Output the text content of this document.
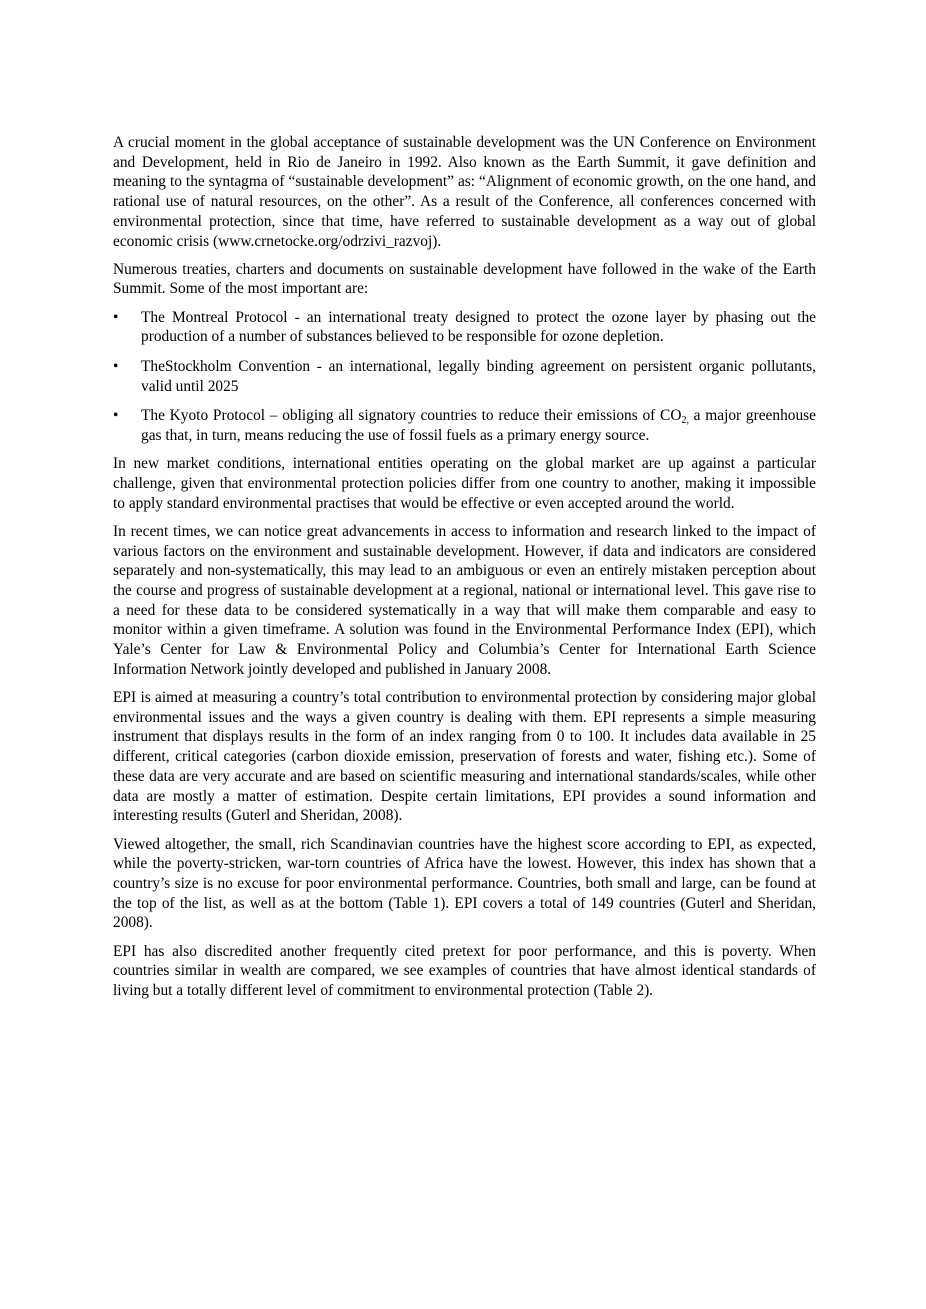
A crucial moment in the global acceptance of sustainable development was the UN Conference on Environment and Development, held in Rio de Janeiro in 1992. Also known as the Earth Summit, it gave definition and meaning to the syntagma of “sustainable development” as: “Alignment of economic growth, on the one hand, and rational use of natural resources, on the other”. As a result of the Conference, all conferences concerned with environmental protection, since that time, have referred to sustainable development as a way out of global economic crisis (www.crnetocke.org/odrzivi_razvoj).

Numerous treaties, charters and documents on sustainable development have followed in the wake of the Earth Summit. Some of the most important are:

• The Montreal Protocol - an international treaty designed to protect the ozone layer by phasing out the production of a number of substances believed to be responsible for ozone depletion.
• TheStockholm Convention - an international, legally binding agreement on persistent organic pollutants, valid until 2025
• The Kyoto Protocol – obliging all signatory countries to reduce their emissions of $CO_{2,}$ a major greenhouse gas that, in turn, means reducing the use of fossil fuels as a primary energy source.

In new market conditions, international entities operating on the global market are up against a particular challenge, given that environmental protection policies differ from one country to another, making it impossible to apply standard environmental practises that would be effective or even accepted around the world.

In recent times, we can notice great advancements in access to information and research linked to the impact of various factors on the environment and sustainable development. However, if data and indicators are considered separately and non-systematically, this may lead to an ambiguous or even an entirely mistaken perception about the course and progress of sustainable development at a regional, national or international level. This gave rise to a need for these data to be considered systematically in a way that will make them comparable and easy to monitor within a given timeframe. A solution was found in the Environmental Performance Index (EPI), which Yale’s Center for Law & Environmental Policy and Columbia’s Center for International Earth Science Information Network jointly developed and published in January 2008.

EPI is aimed at measuring a country’s total contribution to environmental protection by considering major global environmental issues and the ways a given country is dealing with them. EPI represents a simple measuring instrument that displays results in the form of an index ranging from 0 to 100. It includes data available in 25 different, critical categories (carbon dioxide emission, preservation of forests and water, fishing etc.). Some of these data are very accurate and are based on scientific measuring and international standards/scales, while other data are mostly a matter of estimation. Despite certain limitations, EPI provides a sound information and interesting results (Guterl and Sheridan, 2008).

Viewed altogether, the small, rich Scandinavian countries have the highest score according to EPI, as expected, while the poverty-stricken, war-torn countries of Africa have the lowest. However, this index has shown that a country’s size is no excuse for poor environmental performance. Countries, both small and large, can be found at the top of the list, as well as at the bottom (Table 1). EPI covers a total of 149 countries (Guterl and Sheridan, 2008).

EPI has also discredited another frequently cited pretext for poor performance, and this is poverty. When countries similar in wealth are compared, we see examples of countries that have almost identical standards of living but a totally different level of commitment to environmental protection (Table 2).
